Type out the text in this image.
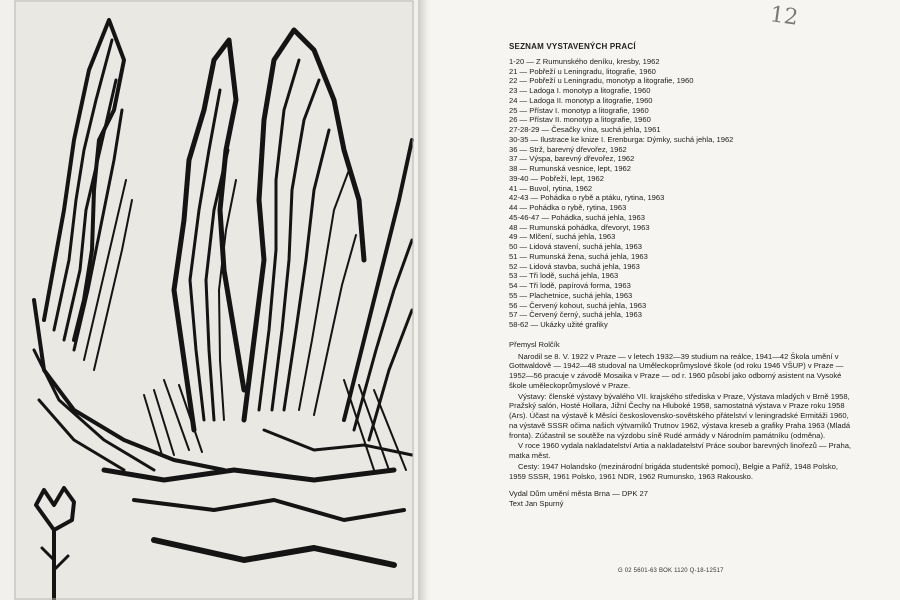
12
SEZNAM VYSTAVENÝCH PRACÍ
1-20 — Z Rumunského deníku, kresby, 1962
21 — Pobřeží u Leningradu, litografie, 1960
22 — Pobřeží u Leningradu, monotyp a litografie, 1960
23 — Ladoga I. monotyp a litografie, 1960
24 — Ladoga II. monotyp a litografie, 1960
25 — Přístav I. monotyp a litografie, 1960
26 — Přístav II. monotyp a litografie, 1960
27-28-29 — Česačky vína, suchá jehla, 1961
30-35 — Ilustrace ke knize I. Erenburga: Dýmky, suchá jehla, 1962
36 — Strž, barevný dřevořez, 1962
37 — Výspa, barevný dřevořez, 1962
38 — Rumunská vesnice, lept, 1962
39-40 — Pobřeží, lept, 1962
41 — Buvol, rytina, 1962
42-43 — Pohádka o rybě a ptáku, rytina, 1963
44 — Pohádka o rybě, rytina, 1963
45-46-47 — Pohádka, suchá jehla, 1963
48 — Rumunská pohádka, dřevoryt, 1963
49 — Mlčení, suchá jehla, 1963
50 — Lidová stavení, suchá jehla, 1963
51 — Rumunská žena, suchá jehla, 1963
52 — Lidová stavba, suchá jehla, 1963
53 — Tři lodě, suchá jehla, 1963
54 — Tři lodě, papírová forma, 1963
55 — Plachetnice, suchá jehla, 1963
56 — Červený kohout, suchá jehla, 1963
57 — Červený černý, suchá jehla, 1963
58-62 — Ukázky užité grafiky
Přemysl Rolčík

Narodil se 8. V. 1922 v Praze — v letech 1932—39 studium na reálce, 1941—42 Škola umění v Gottwaldově — 1942—48 studoval na Uměleckoprůmyslové škole (od roku 1946 VŠUP) v Praze — 1952—56 pracuje v závodě Mosaika v Praze — od r. 1960 působí jako odborný asistent na Vysoké škole uměleckoprůmyslové v Praze.

Výstavy: členské výstavy bývalého VII. krajského střediska v Praze, Výstava mladých v Brně 1958, Pražský salón, Hosté Hollara, Jižní Čechy na Hluboké 1958, samostatná výstava v Praze roku 1958 (Ars). Účast na výstavě k Měsíci československo-sovětského přátelství v leningradské Ermitáži 1960, na výstavě SSSR očima našich výtvarníků Trutnov 1962, výstava kreseb a grafiky Praha 1963 (Mladá fronta). Zúčastnil se soutěže na výzdobu síně Rudé armády v Národním památníku (odměna).

V roce 1960 vydala nakladatelství Artia a nakladatelství Práce soubor barevných linořezů — Praha, matka měst.

Cesty: 1947 Holandsko (mezinárodní brigáda studentské pomoci), Belgie a Paříž, 1948 Polsko, 1959 SSSR, 1961 Polsko, 1961 NDR, 1962 Rumunsko, 1963 Rakousko.

Vydal Dům umění města Brna — DPK 27
Text Jan Spurný
G 02 5601-63 BOK 1120 Q-18-12517
